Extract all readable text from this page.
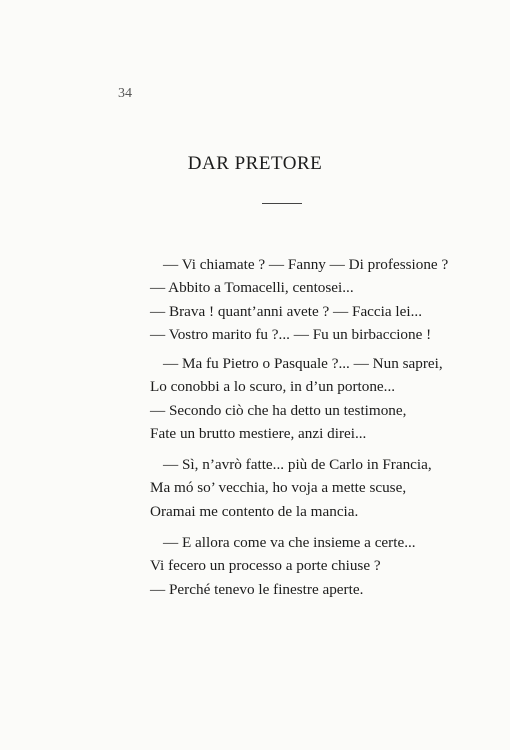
34
DAR PRETORE
— Vi chiamate ? — Fanny — Di professione ?
— Abbito a Tomacelli, centosei...
— Brava ! quant’anni avete ? — Faccia lei...
— Vostro marito fu ?... — Fu un birbaccione !
— Ma fu Pietro o Pasquale ?... — Nun saprei,
Lo conobbi a lo scuro, in d’un portone...
— Secondo ciò che ha detto un testimone,
Fate un brutto mestiere, anzi direi...
— Sì, n’avrò fatte... più de Carlo in Francia,
Ma mó so’ vecchia, ho voja a mette scuse,
Oramai me contento de la mancia.
— E allora come va che insieme a certe...
Vi fecero un processo a porte chiuse ?
— Perché tenevo le finestre aperte.
